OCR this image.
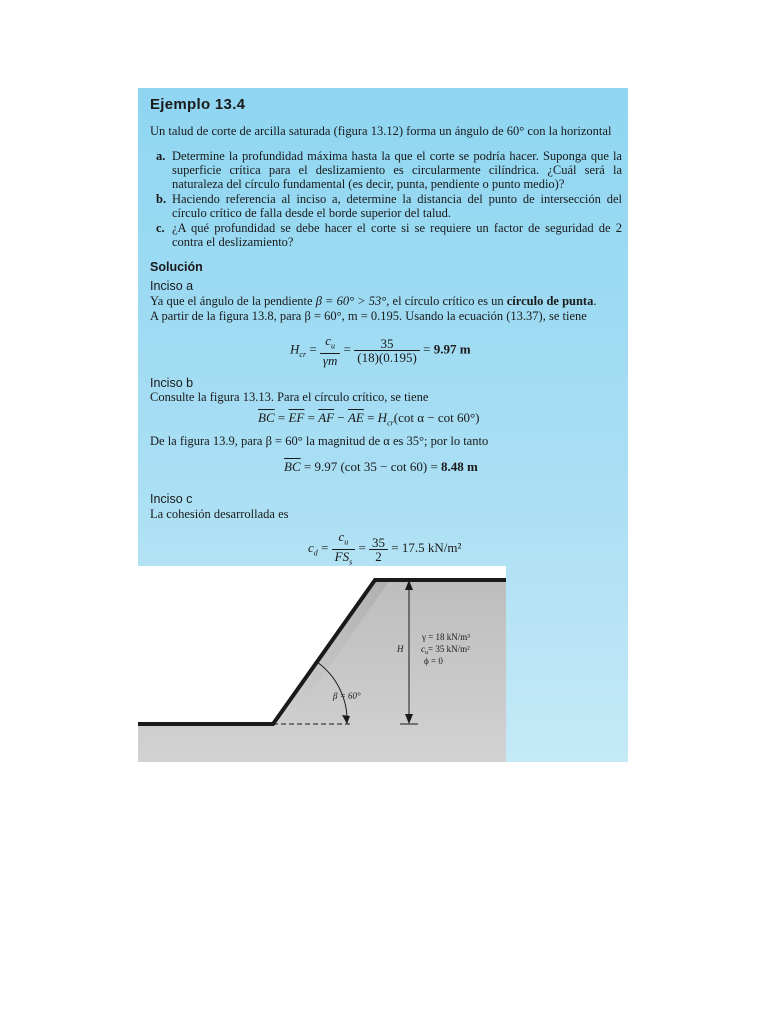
Ejemplo 13.4
Un talud de corte de arcilla saturada (figura 13.12) forma un ángulo de 60° con la horizontal
a. Determine la profundidad máxima hasta la que el corte se podría hacer. Suponga que la superficie crítica para el deslizamiento es circularmente cilíndrica. ¿Cuál será la naturaleza del círculo fundamental (es decir, punta, pendiente o punto medio)?
b. Haciendo referencia al inciso a, determine la distancia del punto de intersección del círculo crítico de falla desde el borde superior del talud.
c. ¿A qué profundidad se debe hacer el corte si se requiere un factor de seguridad de 2 contra el deslizamiento?
Solución
Inciso a
Ya que el ángulo de la pendiente β = 60° > 53°, el círculo crítico es un círculo de punta.
A partir de la figura 13.8, para β = 60°, m = 0.195. Usando la ecuación (13.37), se tiene
$H_{cr} = \frac{c_u}{\gamma m} = \frac{35}{(18)(0.195)} = 9.97$ m
Inciso b
Consulte la figura 13.13. Para el círculo crítico, se tiene
$\overline{BC} = \overline{EF} = \overline{AF} - \overline{AE} = H_{cr}(\cot$ α − cot 60°)
De la figura 13.9, para β = 60° la magnitud de α es 35°; por lo tanto
$\overline{BC} = 9.97$ (cot 35 − cot 60) = 8.48 m
Inciso c
La cohesión desarrollada es
$c_d = \frac{c_u}{FS_s} = \frac{35}{2} = 17.5$ kN/m²
H
γ = 18 kN/m³
$c_u= 35$ kN/m²
ϕ = 0
β = 60°
